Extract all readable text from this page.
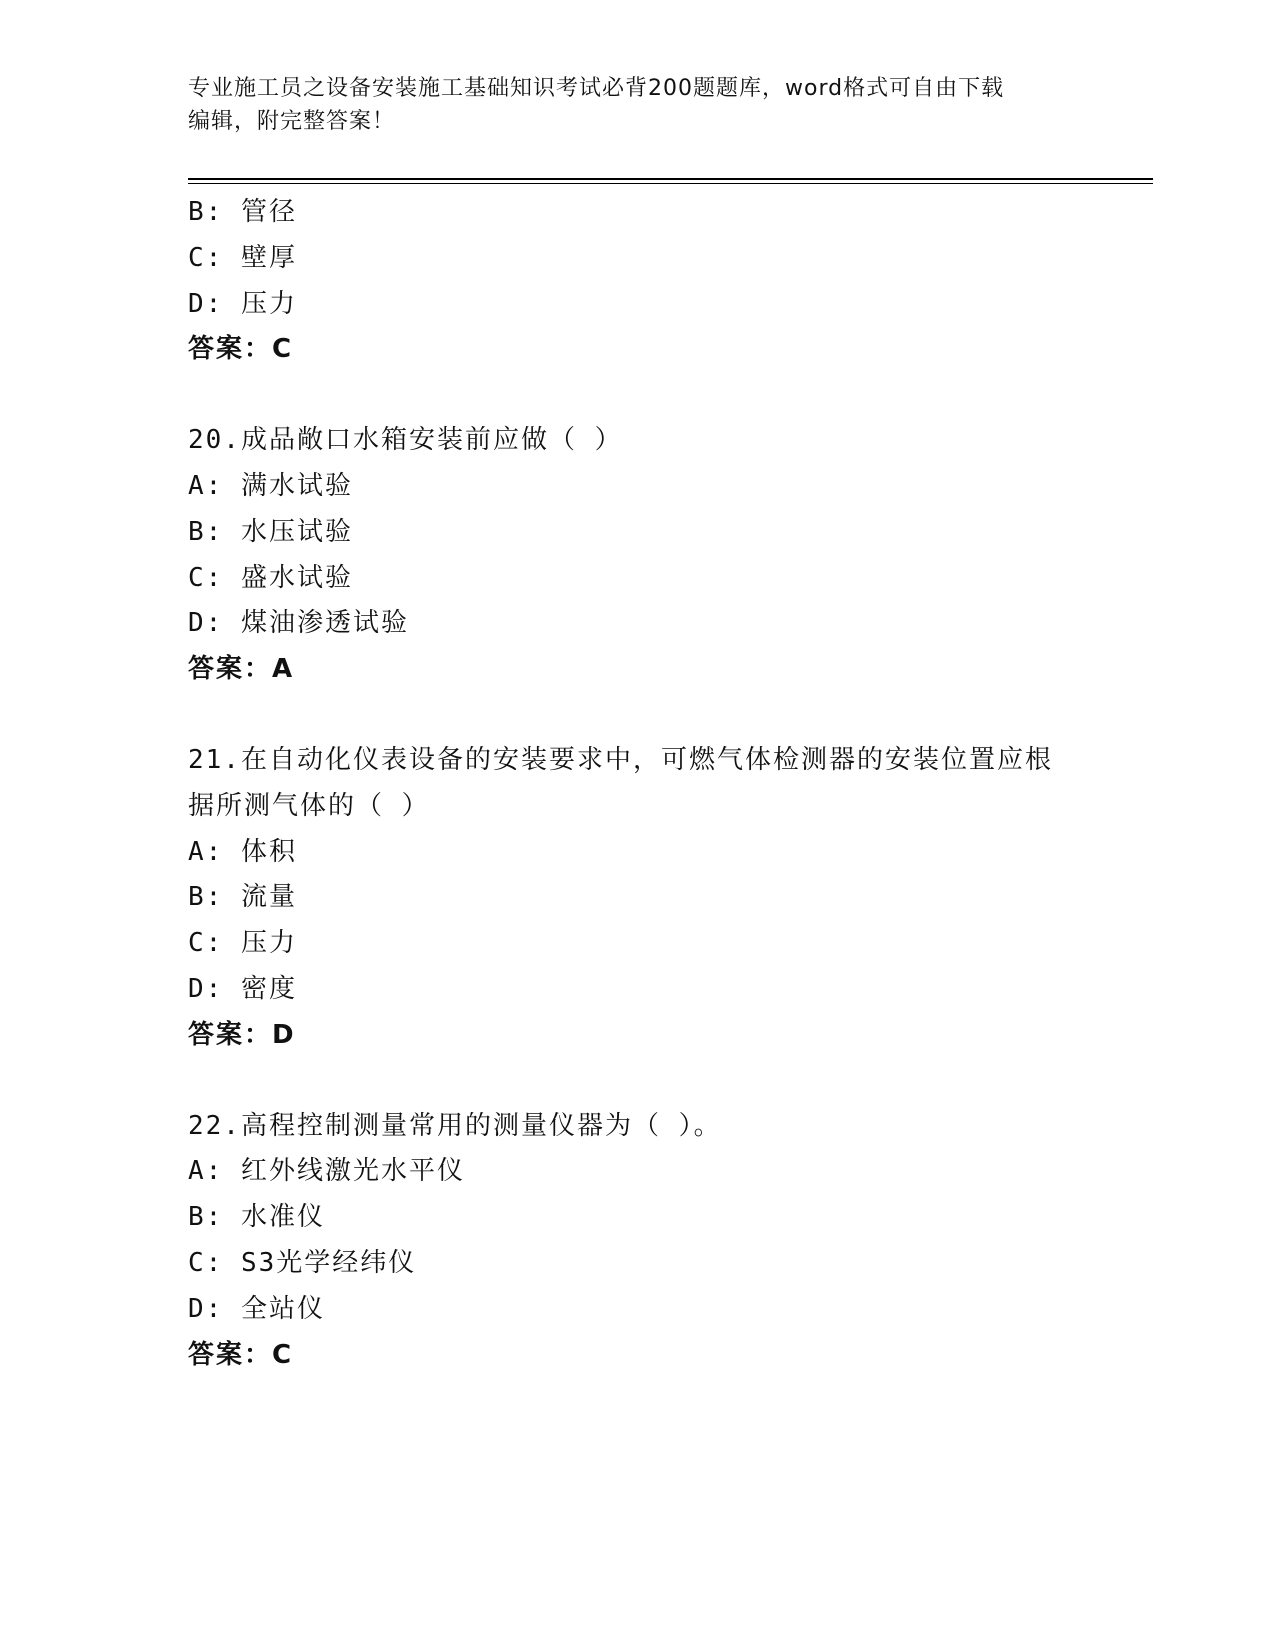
专业施工员之设备安装施工基础知识考试必背200题题库，word格式可自由下载
编辑，附完整答案！
B: 管径
C: 壁厚
D: 压力
答案：C
20.成品敞口水箱安装前应做（ ）
A: 满水试验
B: 水压试验
C: 盛水试验
D: 煤油渗透试验
答案：A
21.在自动化仪表设备的安装要求中，可燃气体检测器的安装位置应根
据所测气体的（ ）
A: 体积
B: 流量
C: 压力
D: 密度
答案：D
22.高程控制测量常用的测量仪器为（ ）。
A: 红外线激光水平仪
B: 水准仪
C: S3光学经纬仪
D: 全站仪
答案：C
